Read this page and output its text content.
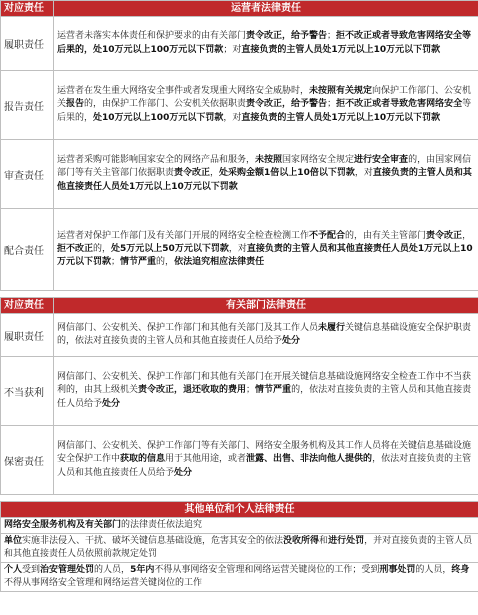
对应责任	运营者法律责任
履职责任	运营者未落实本体责任和保护要求的由有关部门责令改正，给予警告；拒不改正或者导致危害网络安全等后果的，处10万元以上100万元以下罚款；对直接负责的主管人员处1万元以上10万元以下罚款
报告责任	运营者在发生重大网络安全事件或者发现重大网络安全威胁时，未按照有关规定向保护工作部门、公安机关报告的，由保护工作部门、公安机关依据职责责令改正，给予警告；拒不改正或者导致危害网络安全等后果的，处10万元以上100万元以下罚款，对直接负责的主管人员处1万元以上10万元以下罚款
审查责任	运营者采购可能影响国家安全的网络产品和服务，未按照国家网络安全规定进行安全审查的，由国家网信部门等有关主管部门依据职责责令改正，处采购金额1倍以上10倍以下罚款，对直接负责的主管人员和其他直接责任人员处1万元以上10万元以下罚款
配合责任	运营者对保护工作部门及有关部门开展的网络安全检查检测工作不予配合的，由有关主管部门责令改正，拒不改正的，处5万元以上50万元以下罚款，对直接负责的主管人员和其他直接责任人员处1万元以上10万元以下罚款；情节严重的，依法追究相应法律责任

对应责任	有关部门法律责任
履职责任	网信部门、公安机关、保护工作部门和其他有关部门及其工作人员未履行关键信息基础设施安全保护职责的，依法对直接负责的主管人员和其他直接责任人员给予处分
不当获利	网信部门、公安机关、保护工作部门和其他有关部门在开展关键信息基础设施网络安全检查工作中不当获利的，由其上级机关责令改正，退还收取的费用；情节严重的，依法对直接负责的主管人员和其他直接责任人员给予处分
保密责任	网信部门、公安机关、保护工作部门等有关部门、网络安全服务机构及其工作人员将在关键信息基础设施安全保护工作中获取的信息用于其他用途，或者泄露、出售、非法向他人提供的，依法对直接负责的主管人员和其他直接责任人员给予处分

其他单位和个人法律责任	
网络安全服务机构及有关部门的法律责任依法追究	
单位实施非法侵入、干扰、破坏关键信息基础设施，危害其安全的依法没收所得和进行处罚，并对直接负责的主管人员和其他直接责任人员依照前款规定处罚	
个人受到治安管理处罚的人员，5年内不得从事网络安全管理和网络运营关键岗位的工作；受到刑事处罚的人员，终身不得从事网络安全管理和网络运营关键岗位的工作	
